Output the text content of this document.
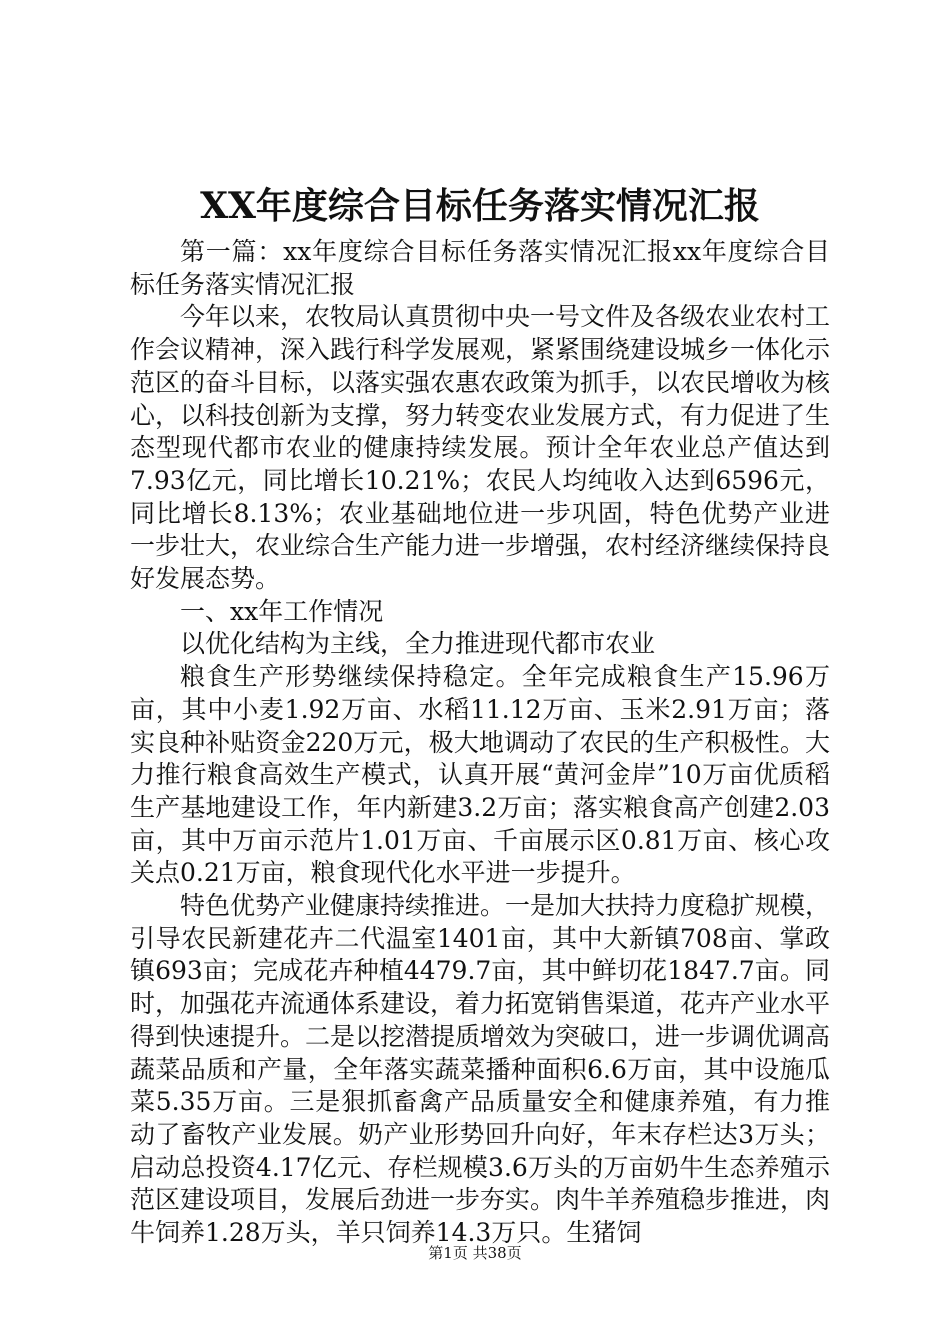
XX年度综合目标任务落实情况汇报

第一篇：xx年度综合目标任务落实情况汇报xx年度综合目标任务落实情况汇报

今年以来，农牧局认真贯彻中央一号文件及各级农业农村工作会议精神，深入践行科学发展观，紧紧围绕建设城乡一体化示范区的奋斗目标，以落实强农惠农政策为抓手，以农民增收为核心，以科技创新为支撑，努力转变农业发展方式，有力促进了生态型现代都市农业的健康持续发展。预计全年农业总产值达到7.93亿元，同比增长10.21%；农民人均纯收入达到6596元，同比增长8.13%；农业基础地位进一步巩固，特色优势产业进一步壮大，农业综合生产能力进一步增强，农村经济继续保持良好发展态势。

一、xx年工作情况

以优化结构为主线，全力推进现代都市农业

粮食生产形势继续保持稳定。全年完成粮食生产15.96万亩，其中小麦1.92万亩、水稻11.12万亩、玉米2.91万亩；落实良种补贴资金220万元，极大地调动了农民的生产积极性。大力推行粮食高效生产模式，认真开展“黄河金岸”10万亩优质稻生产基地建设工作，年内新建3.2万亩；落实粮食高产创建2.03亩，其中万亩示范片1.01万亩、千亩展示区0.81万亩、核心攻关点0.21万亩，粮食现代化水平进一步提升。

特色优势产业健康持续推进。一是加大扶持力度稳扩规模，引导农民新建花卉二代温室1401亩，其中大新镇708亩、掌政镇693亩；完成花卉种植4479.7亩，其中鲜切花1847.7亩。同时，加强花卉流通体系建设，着力拓宽销售渠道，花卉产业水平得到快速提升。二是以挖潜提质增效为突破口，进一步调优调高蔬菜品质和产量，全年落实蔬菜播种面积6.6万亩，其中设施瓜菜5.35万亩。三是狠抓畜禽产品质量安全和健康养殖，有力推动了畜牧产业发展。奶产业形势回升向好，年末存栏达3万头；启动总投资4.17亿元、存栏规模3.6万头的万亩奶牛生态养殖示范区建设项目，发展后劲进一步夯实。肉牛羊养殖稳步推进，肉牛饲养1.28万头，羊只饲养14.3万只。生猪饲

第1页 共38页
